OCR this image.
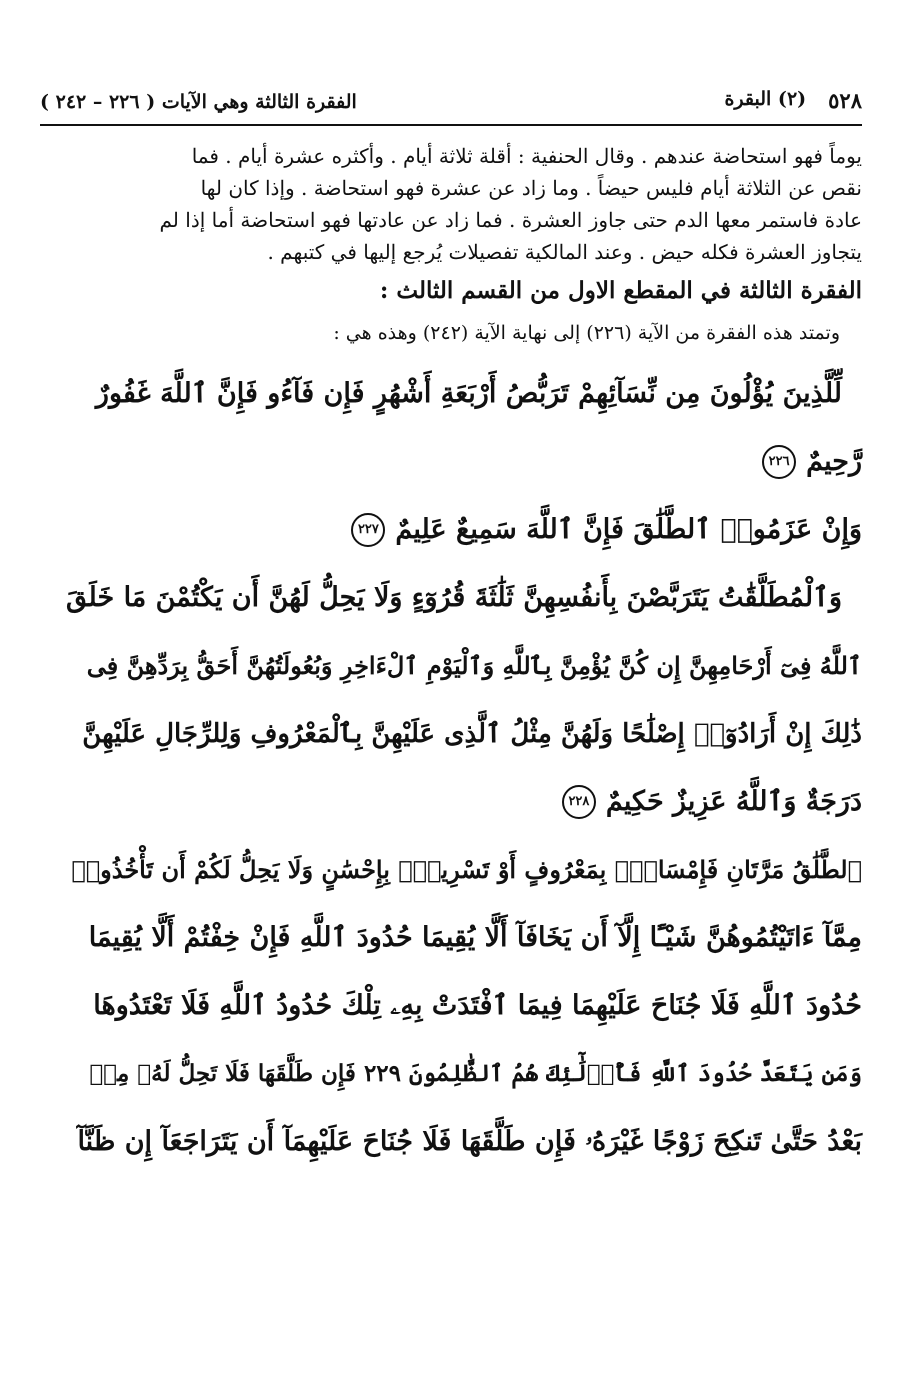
٥٢٨
(٢) البقرة
الفقرة الثالثة وهي الآيات ( ٢٢٦ – ٢٤٢ )

يوماً فهو استحاضة عندهم . وقال الحنفية : أقلة ثلاثة أيام . وأكثره عشرة أيام . فما

نقص عن الثلاثة أيام فليس حيضاً . وما زاد عن عشرة فهو استحاضة . وإذا كان لها

عادة فاستمر معها الدم حتى جاوز العشرة . فما زاد عن عادتها فهو استحاضة أما إذا لم

يتجاوز العشرة فكله حيض . وعند المالكية تفصيلات يُرجع إليها في كتبهم .

الفقرة الثالثة في المقطع الاول من القسم الثالث :
وتمتد هذه الفقرة من الآية (٢٢٦) إلى نهاية الآية (٢٤٢) وهذه هي :
لِّلَّذِينَ يُؤْلُونَ مِن نِّسَآئِهِمْ تَرَبُّصُ أَرْبَعَةِ أَشْهُرٍ فَإِن فَآءُو فَإِنَّ ٱللَّهَ غَفُورٌ
رَّحِيمٌ
٢٢٦
وَإِنْ عَزَمُوا۟ ٱلطَّلَٰقَ فَإِنَّ ٱللَّهَ سَمِيعٌ عَلِيمٌ
٢٢٧
وَٱلْمُطَلَّقَٰتُ يَتَرَبَّصْنَ بِأَنفُسِهِنَّ ثَلَٰثَةَ قُرُوٓءٍ وَلَا يَحِلُّ لَهُنَّ أَن يَكْتُمْنَ مَا خَلَقَ
ٱللَّهُ فِىٓ أَرْحَامِهِنَّ إِن كُنَّ يُؤْمِنَّ بِٱللَّهِ وَٱلْيَوْمِ ٱلْءَاخِرِ وَبُعُولَتُهُنَّ أَحَقُّ بِرَدِّهِنَّ فِى
ذَٰلِكَ إِنْ أَرَادُوٓا۟ إِصْلَٰحًا وَلَهُنَّ مِثْلُ ٱلَّذِى عَلَيْهِنَّ بِٱلْمَعْرُوفِ وَلِلرِّجَالِ عَلَيْهِنَّ
دَرَجَةٌ وَٱللَّهُ عَزِيزٌ حَكِيمٌ
٢٢٨
ٱلطَّلَٰقُ مَرَّتَانِ فَإِمْسَاكٌۢ بِمَعْرُوفٍ أَوْ تَسْرِيحٌۢ بِإِحْسَٰنٍ وَلَا يَحِلُّ لَكُمْ أَن تَأْخُذُوا۟
مِمَّآ ءَاتَيْتُمُوهُنَّ شَيْـًٔا إِلَّآ أَن يَخَافَآ أَلَّا يُقِيمَا حُدُودَ ٱللَّهِ فَإِنْ خِفْتُمْ أَلَّا يُقِيمَا
حُدُودَ ٱللَّهِ فَلَا جُنَاحَ عَلَيْهِمَا فِيمَا ٱفْتَدَتْ بِهِۦ تِلْكَ حُدُودُ ٱللَّهِ فَلَا تَعْتَدُوهَا
وَمَن يَتَعَدَّ حُدُودَ ٱللَّهِ فَأُو۟لَٰٓئِكَ هُمُ ٱلظَّٰلِمُونَ ٢٢٩ فَإِن طَلَّقَهَا فَلَا تَحِلُّ لَهُۥ مِنۢ
بَعْدُ حَتَّىٰ تَنكِحَ زَوْجًا غَيْرَهُۥ فَإِن طَلَّقَهَا فَلَا جُنَاحَ عَلَيْهِمَآ أَن يَتَرَاجَعَآ إِن ظَنَّآ
